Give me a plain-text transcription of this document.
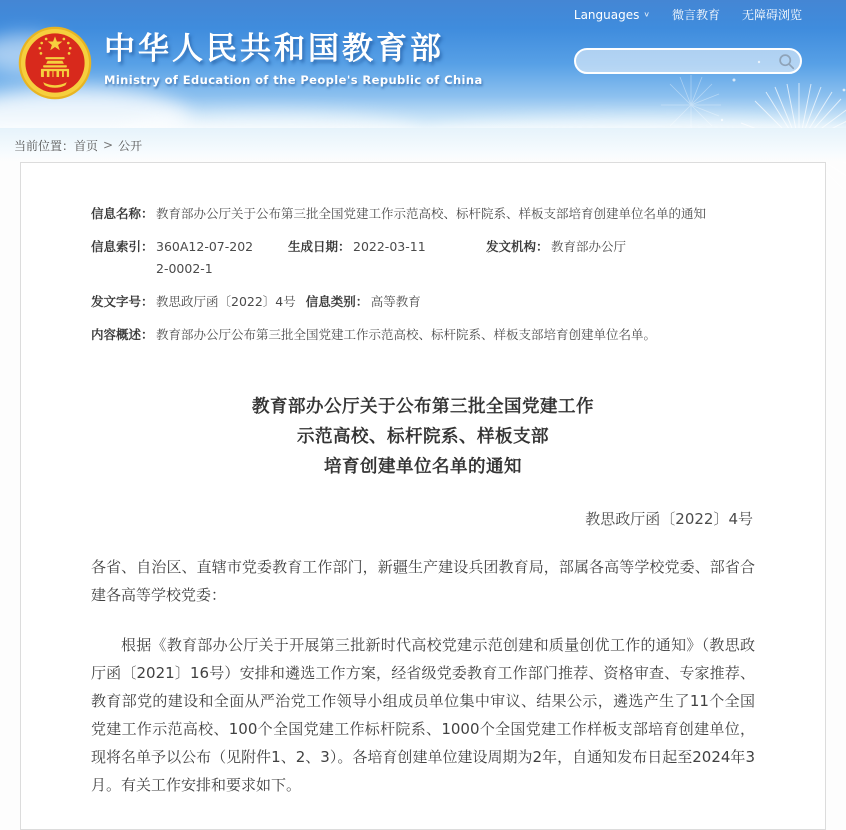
Languages ∨ 微言教育 无障碍浏览
中华人民共和国教育部
Ministry of Education of the People's Republic of China
当前位置： 首页 > 公开
信息名称： 教育部办公厅关于公布第三批全国党建工作示范高校、标杆院系、样板支部培育创建单位名单的通知
信息索引： 360A12-07-2022-0002-1
生成日期： 2022-03-11	发文机构： 教育部办公厅
发文字号： 教思政厅函〔2022〕4号 信息类别： 高等教育
内容概述： 教育部办公厅公布第三批全国党建工作示范高校、标杆院系、样板支部培育创建单位名单。
教育部办公厅关于公布第三批全国党建工作
示范高校、标杆院系、样板支部
培育创建单位名单的通知
教思政厅函〔2022〕4号

各省、自治区、直辖市党委教育工作部门，新疆生产建设兵团教育局，部属各高等学校党委、部省合建各高等学校党委：

根据《教育部办公厅关于开展第三批新时代高校党建示范创建和质量创优工作的通知》（教思政厅函〔2021〕16号）安排和遴选工作方案，经省级党委教育工作部门推荐、资格审查、专家推荐、教育部党的建设和全面从严治党工作领导小组成员单位集中审议、结果公示，遴选产生了11个全国党建工作示范高校、100个全国党建工作标杆院系、1000个全国党建工作样板支部培育创建单位，现将名单予以公布（见附件1、2、3）。各培育创建单位建设周期为2年，自通知发布日起至2024年3月。有关工作安排和要求如下。
